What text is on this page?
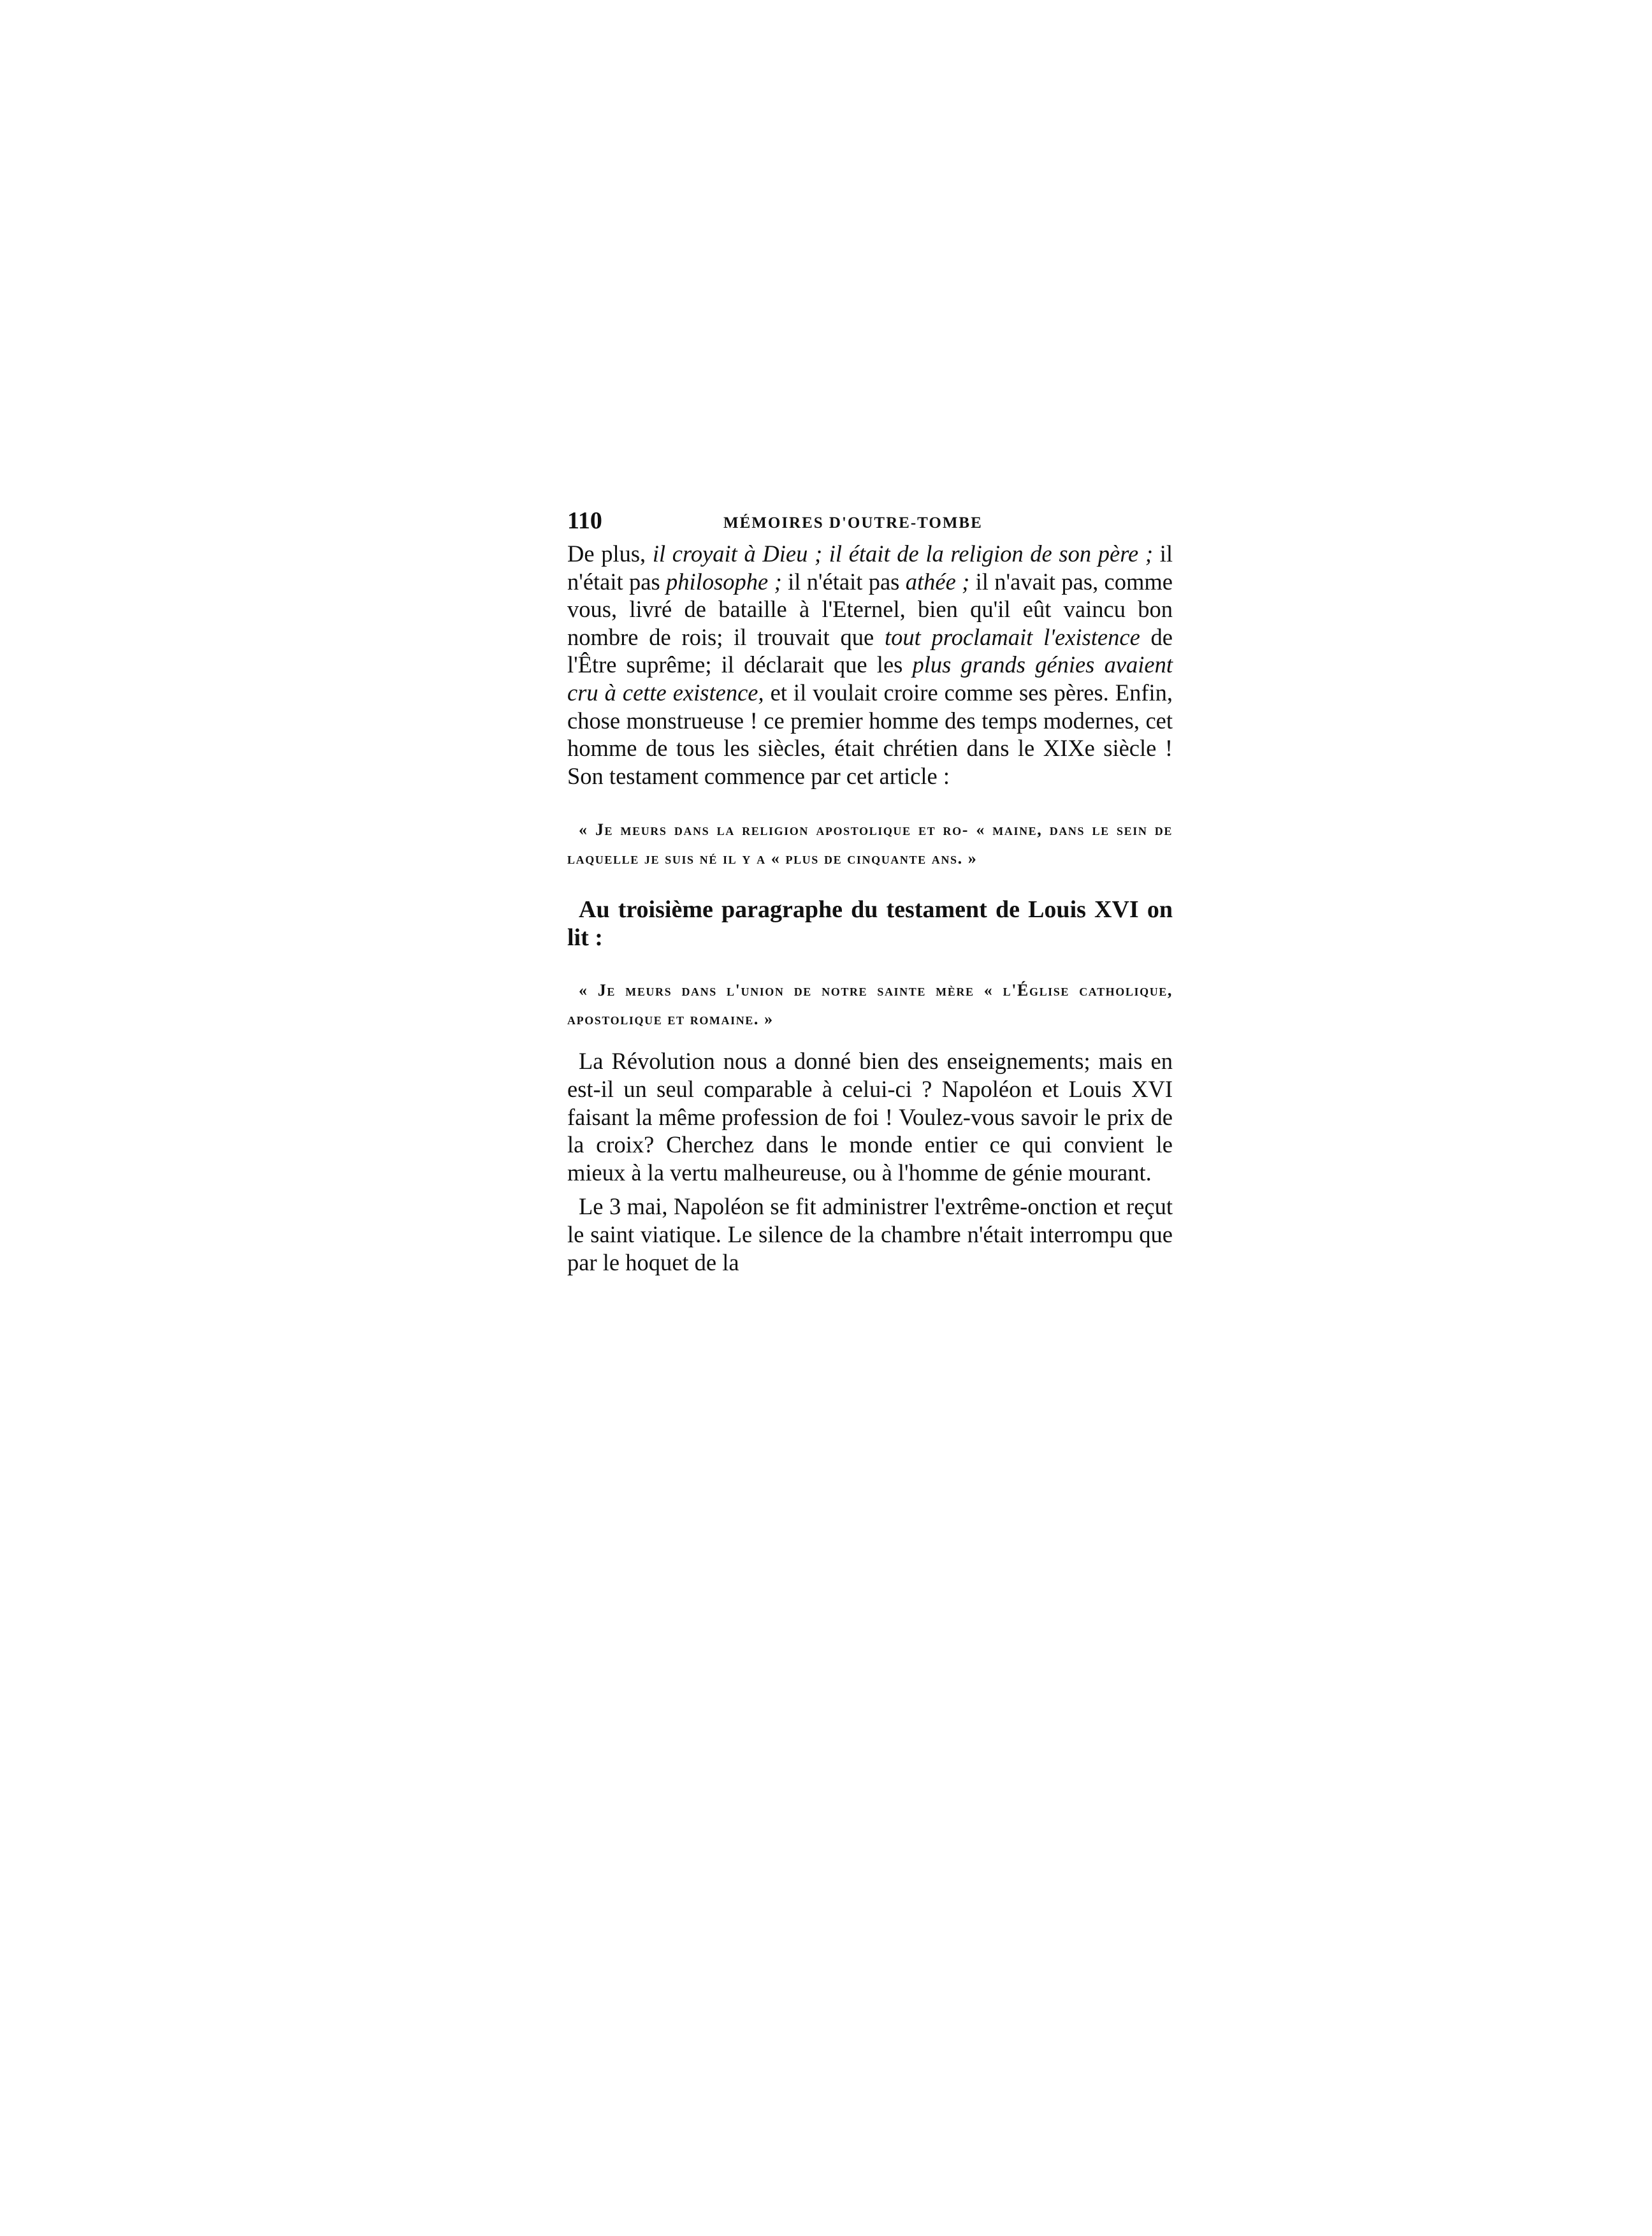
110	MÉMOIRES D'OUTRE-TOMBE

De plus, il croyait à Dieu ; il était de la religion de son père ; il n'était pas philosophe ; il n'était pas athée ; il n'avait pas, comme vous, livré de bataille à l'Eternel, bien qu'il eût vaincu bon nombre de rois; il trouvait que tout proclamait l'existence de l'Être suprême; il déclarait que les plus grands génies avaient cru à cette existence, et il voulait croire comme ses pères. Enfin, chose monstrueuse ! ce premier homme des temps modernes, cet homme de tous les siècles, était chrétien dans le XIXe siècle ! Son testament commence par cet article :

« Je meurs dans la religion apostolique et ro- « maine, dans le sein de laquelle je suis né il y a « plus de cinquante ans. »

Au troisième paragraphe du testament de Louis XVI on lit :

« Je meurs dans l'union de notre sainte mère « l'Église catholique, apostolique et romaine. »

La Révolution nous a donné bien des enseignements; mais en est-il un seul comparable à celui-ci ? Napoléon et Louis XVI faisant la même profession de foi ! Voulez-vous savoir le prix de la croix? Cherchez dans le monde entier ce qui convient le mieux à la vertu malheureuse, ou à l'homme de génie mourant.

Le 3 mai, Napoléon se fit administrer l'extrême-onction et reçut le saint viatique. Le silence de la chambre n'était interrompu que par le hoquet de la
